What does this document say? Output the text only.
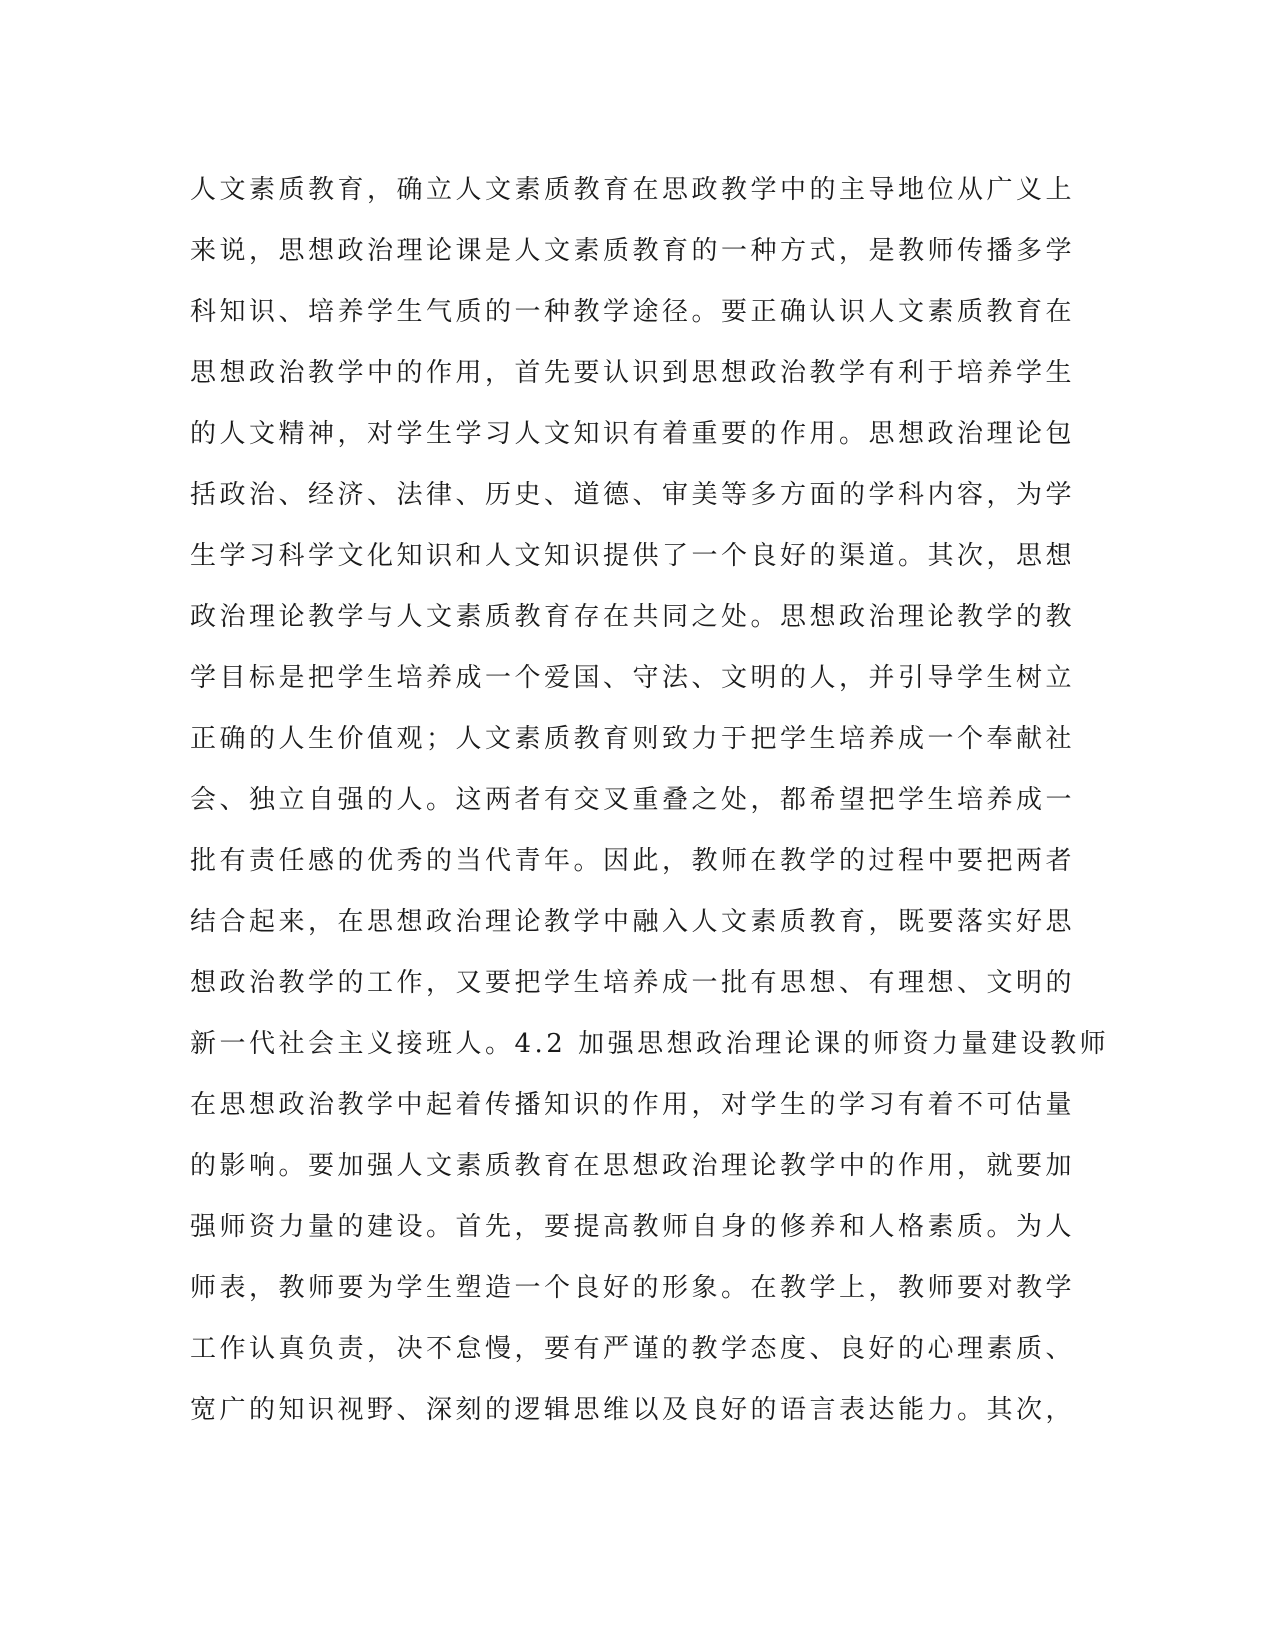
人文素质教育，确立人文素质教育在思政教学中的主导地位从广义上
来说，思想政治理论课是人文素质教育的一种方式，是教师传播多学
科知识、培养学生气质的一种教学途径。要正确认识人文素质教育在
思想政治教学中的作用，首先要认识到思想政治教学有利于培养学生
的人文精神，对学生学习人文知识有着重要的作用。思想政治理论包
括政治、经济、法律、历史、道德、审美等多方面的学科内容，为学
生学习科学文化知识和人文知识提供了一个良好的渠道。其次，思想
政治理论教学与人文素质教育存在共同之处。思想政治理论教学的教
学目标是把学生培养成一个爱国、守法、文明的人，并引导学生树立
正确的人生价值观；人文素质教育则致力于把学生培养成一个奉献社
会、独立自强的人。这两者有交叉重叠之处，都希望把学生培养成一
批有责任感的优秀的当代青年。因此，教师在教学的过程中要把两者
结合起来，在思想政治理论教学中融入人文素质教育，既要落实好思
想政治教学的工作，又要把学生培养成一批有思想、有理想、文明的
新一代社会主义接班人。4.2 加强思想政治理论课的师资力量建设教师
在思想政治教学中起着传播知识的作用，对学生的学习有着不可估量
的影响。要加强人文素质教育在思想政治理论教学中的作用，就要加
强师资力量的建设。首先，要提高教师自身的修养和人格素质。为人
师表，教师要为学生塑造一个良好的形象。在教学上，教师要对教学
工作认真负责，决不怠慢，要有严谨的教学态度、良好的心理素质、
宽广的知识视野、深刻的逻辑思维以及良好的语言表达能力。其次，
